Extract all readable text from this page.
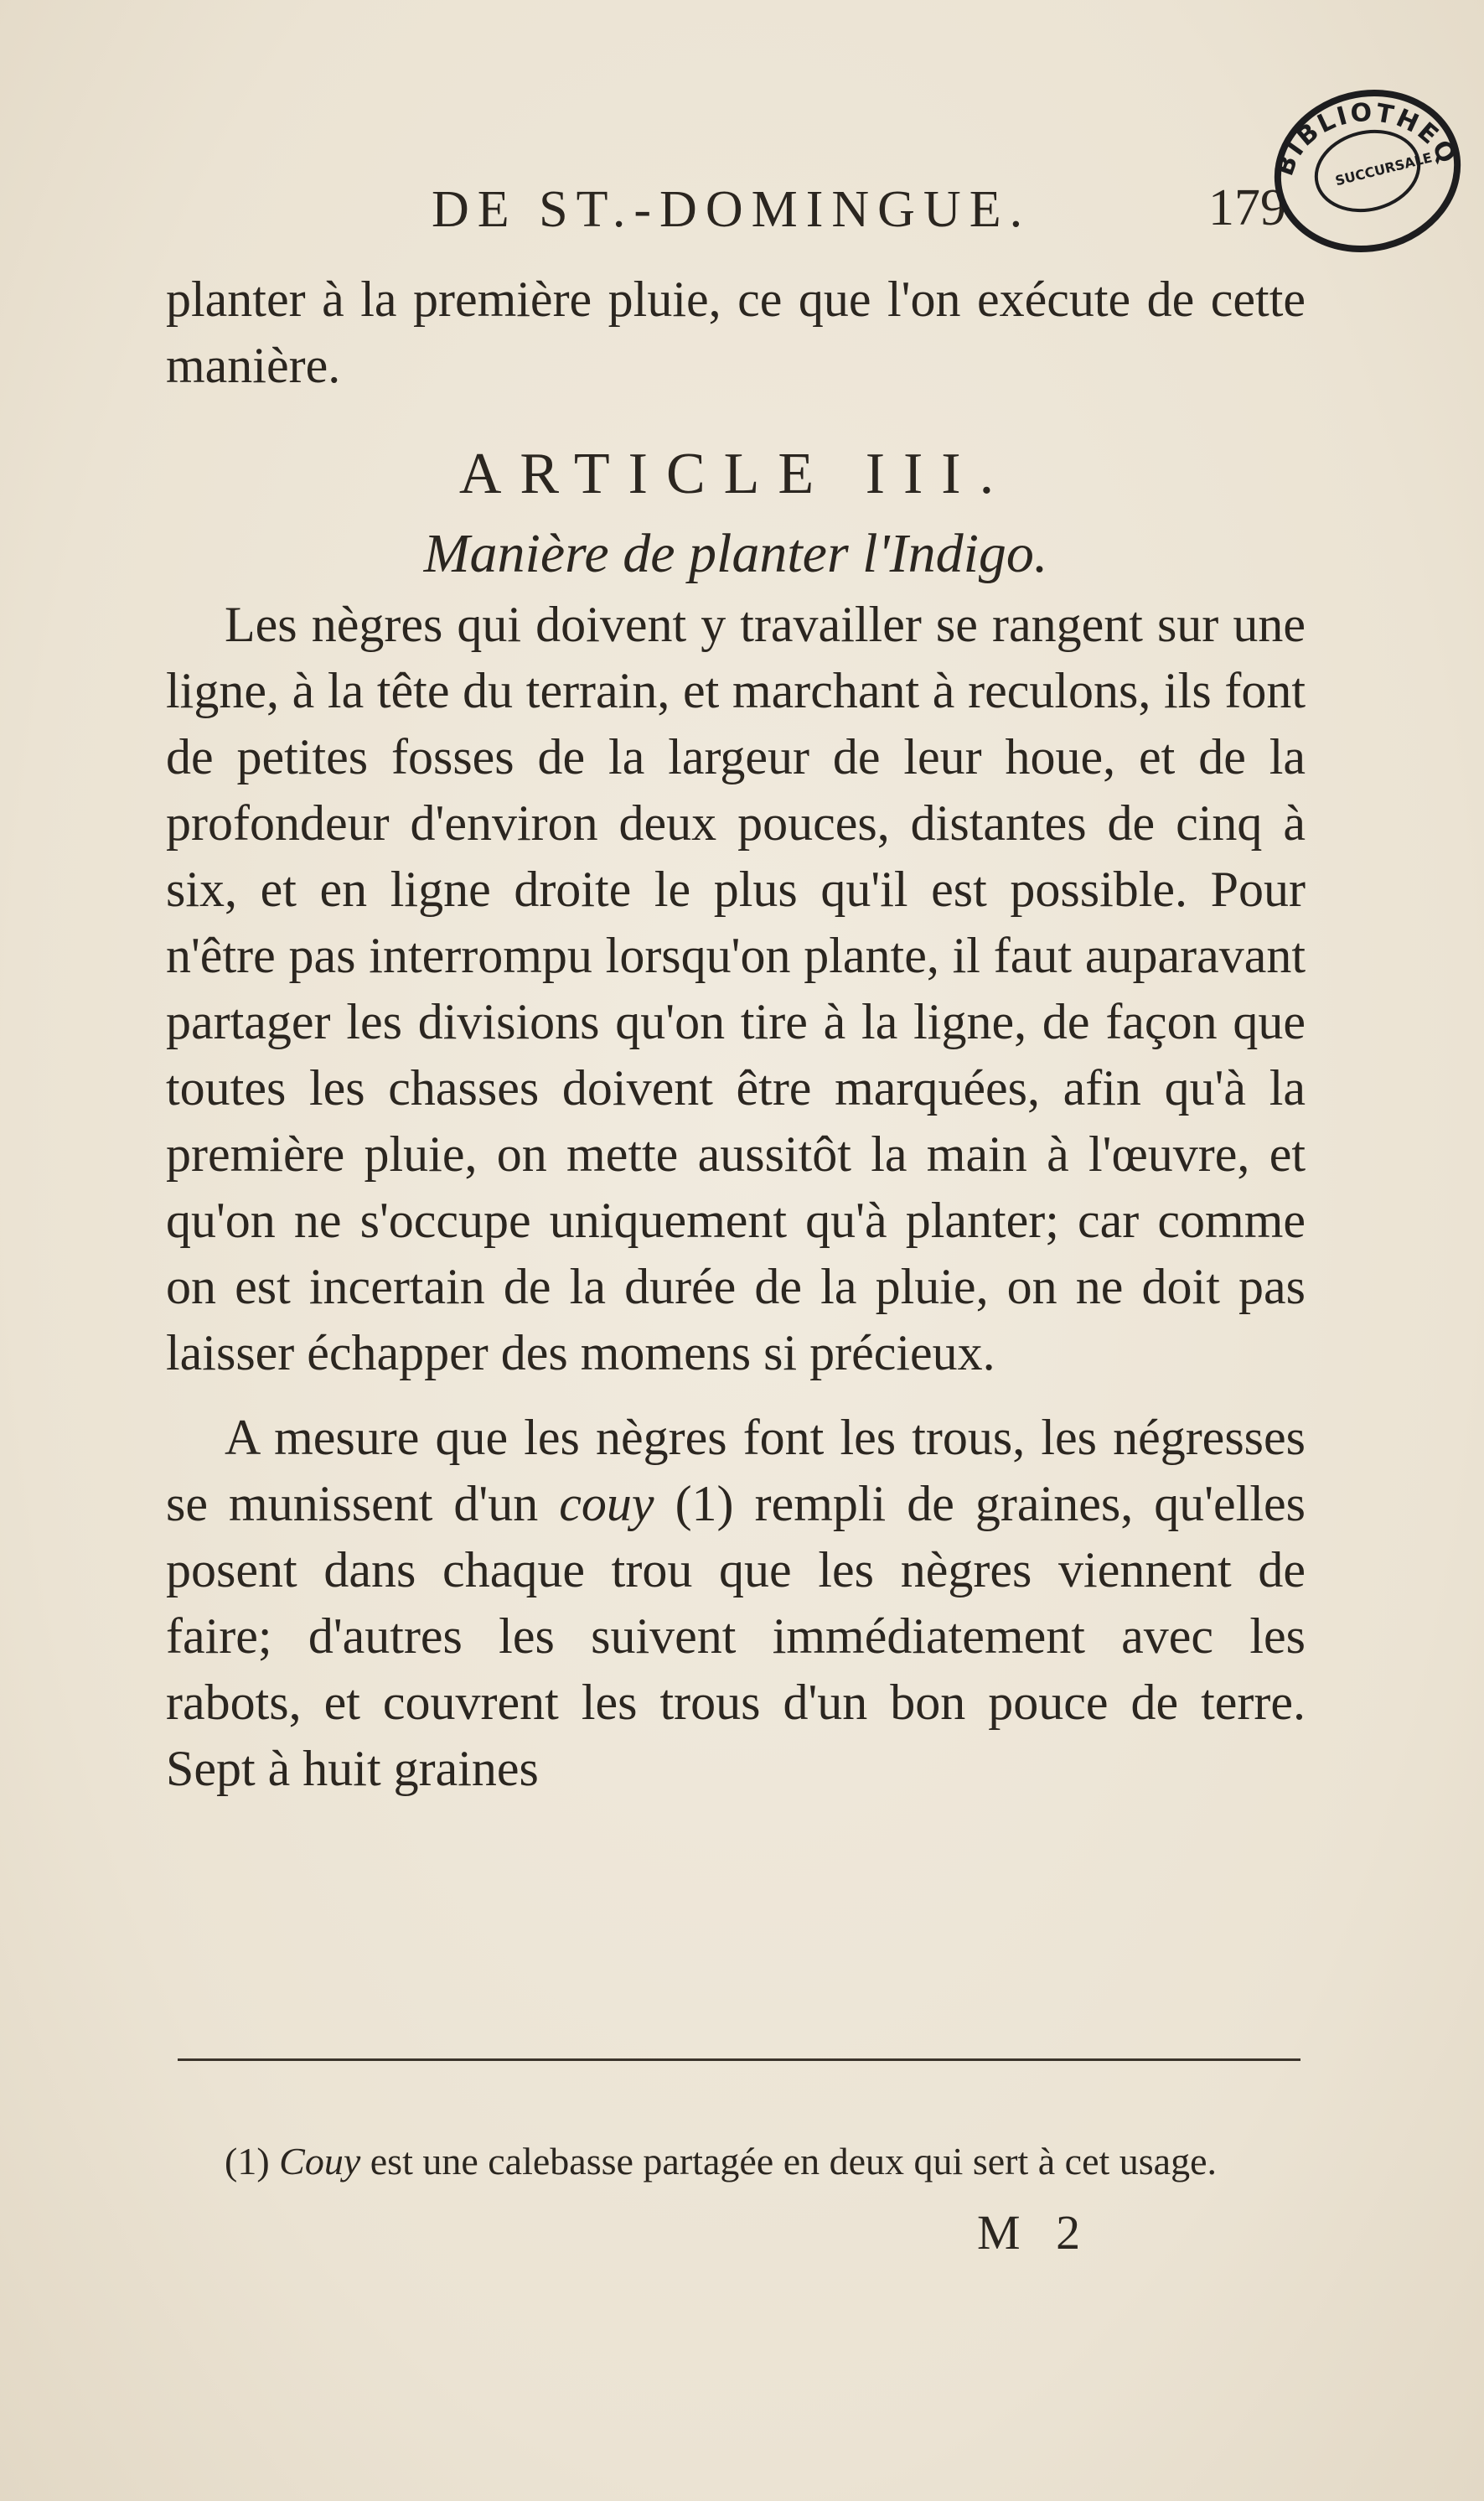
DE ST.-DOMINGUE.	179
BIBLIOTHEQ
SUCCURSALE

planter à la première pluie, ce que l'on exécute de cette manière.

ARTICLE III.

Manière de planter l'Indigo.

Les nègres qui doivent y travailler se rangent sur une ligne, à la tête du terrain, et marchant à reculons, ils font de petites fosses de la largeur de leur houe, et de la profondeur d'environ deux pouces, distantes de cinq à six, et en ligne droite le plus qu'il est possible. Pour n'être pas interrompu lorsqu'on plante, il faut auparavant partager les divisions qu'on tire à la ligne, de façon que toutes les chasses doivent être marquées, afin qu'à la première pluie, on mette aussitôt la main à l'œuvre, et qu'on ne s'occupe uniquement qu'à planter; car comme on est incertain de la durée de la pluie, on ne doit pas laisser échapper des momens si précieux.

A mesure que les nègres font les trous, les négresses se munissent d'un couy (1) rempli de graines, qu'elles posent dans chaque trou que les nègres viennent de faire; d'autres les suivent immédiatement avec les rabots, et couvrent les trous d'un bon pouce de terre. Sept à huit graines

(1) Couy est une calebasse partagée en deux qui sert à cet usage.

M 2
